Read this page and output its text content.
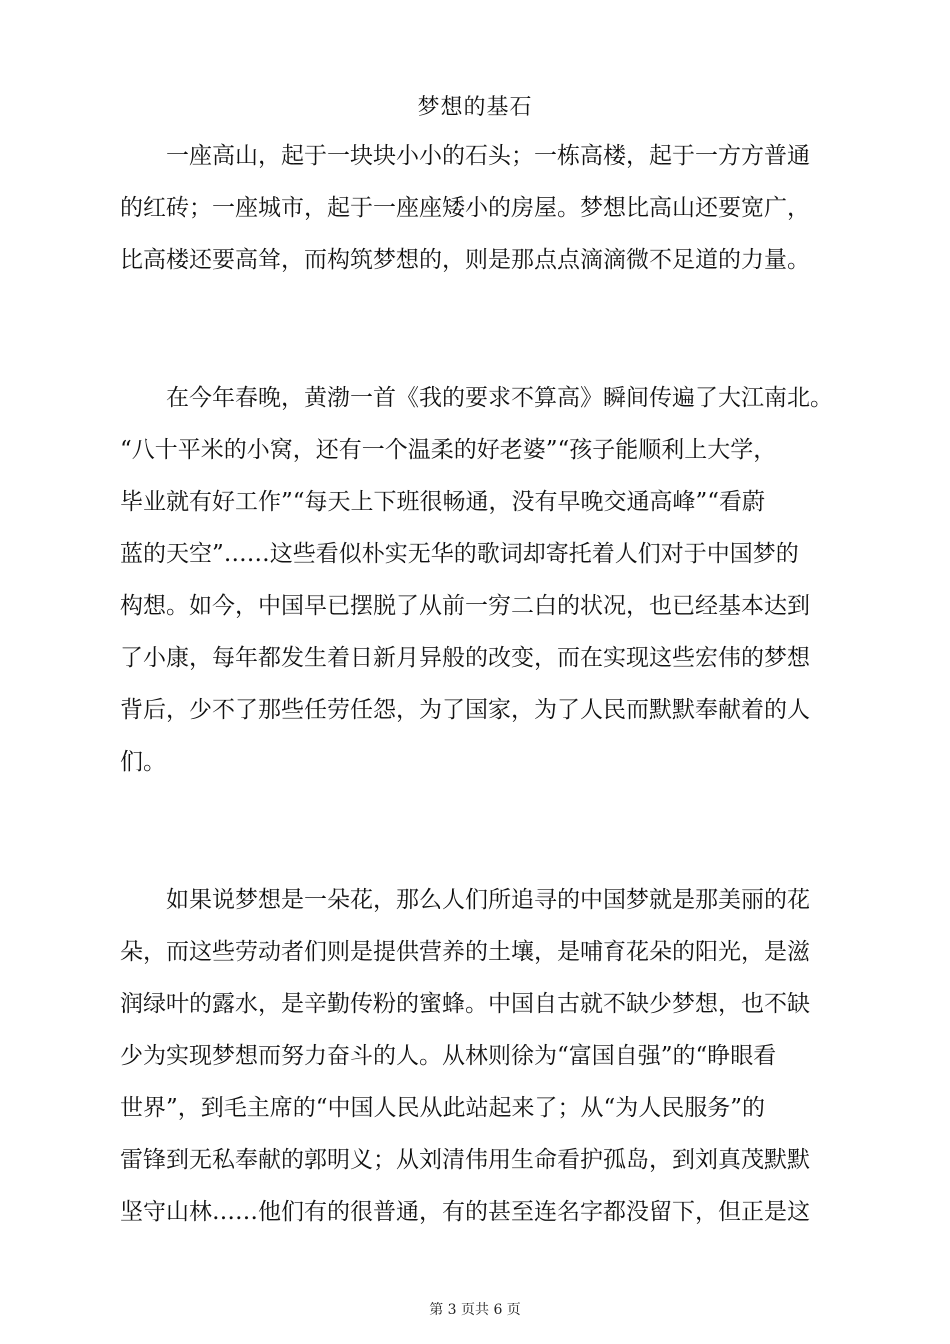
梦想的基石
　　一座高山，起于一块块小小的石头；一栋高楼，起于一方方普通
的红砖；一座城市，起于一座座矮小的房屋。梦想比高山还要宽广，
比高楼还要高耸，而构筑梦想的，则是那点点滴滴微不足道的力量。
　　在今年春晚，黄渤一首《我的要求不算高》瞬间传遍了大江南北。
“八十平米的小窝，还有一个温柔的好老婆”“孩子能顺利上大学，
毕业就有好工作”“每天上下班很畅通，没有早晚交通高峰”“看蔚
蓝的天空”……这些看似朴实无华的歌词却寄托着人们对于中国梦的
构想。如今，中国早已摆脱了从前一穷二白的状况，也已经基本达到
了小康，每年都发生着日新月异般的改变，而在实现这些宏伟的梦想
背后，少不了那些任劳任怨，为了国家，为了人民而默默奉献着的人
们。
　　如果说梦想是一朵花，那么人们所追寻的中国梦就是那美丽的花
朵，而这些劳动者们则是提供营养的土壤，是哺育花朵的阳光，是滋
润绿叶的露水，是辛勤传粉的蜜蜂。中国自古就不缺少梦想，也不缺
少为实现梦想而努力奋斗的人。从林则徐为“富国自强”的“睁眼看
世界”，到毛主席的“中国人民从此站起来了；从“为人民服务”的
雷锋到无私奉献的郭明义；从刘清伟用生命看护孤岛，到刘真茂默默
坚守山林……他们有的很普通，有的甚至连名字都没留下，但正是这
第 3 页共 6 页
